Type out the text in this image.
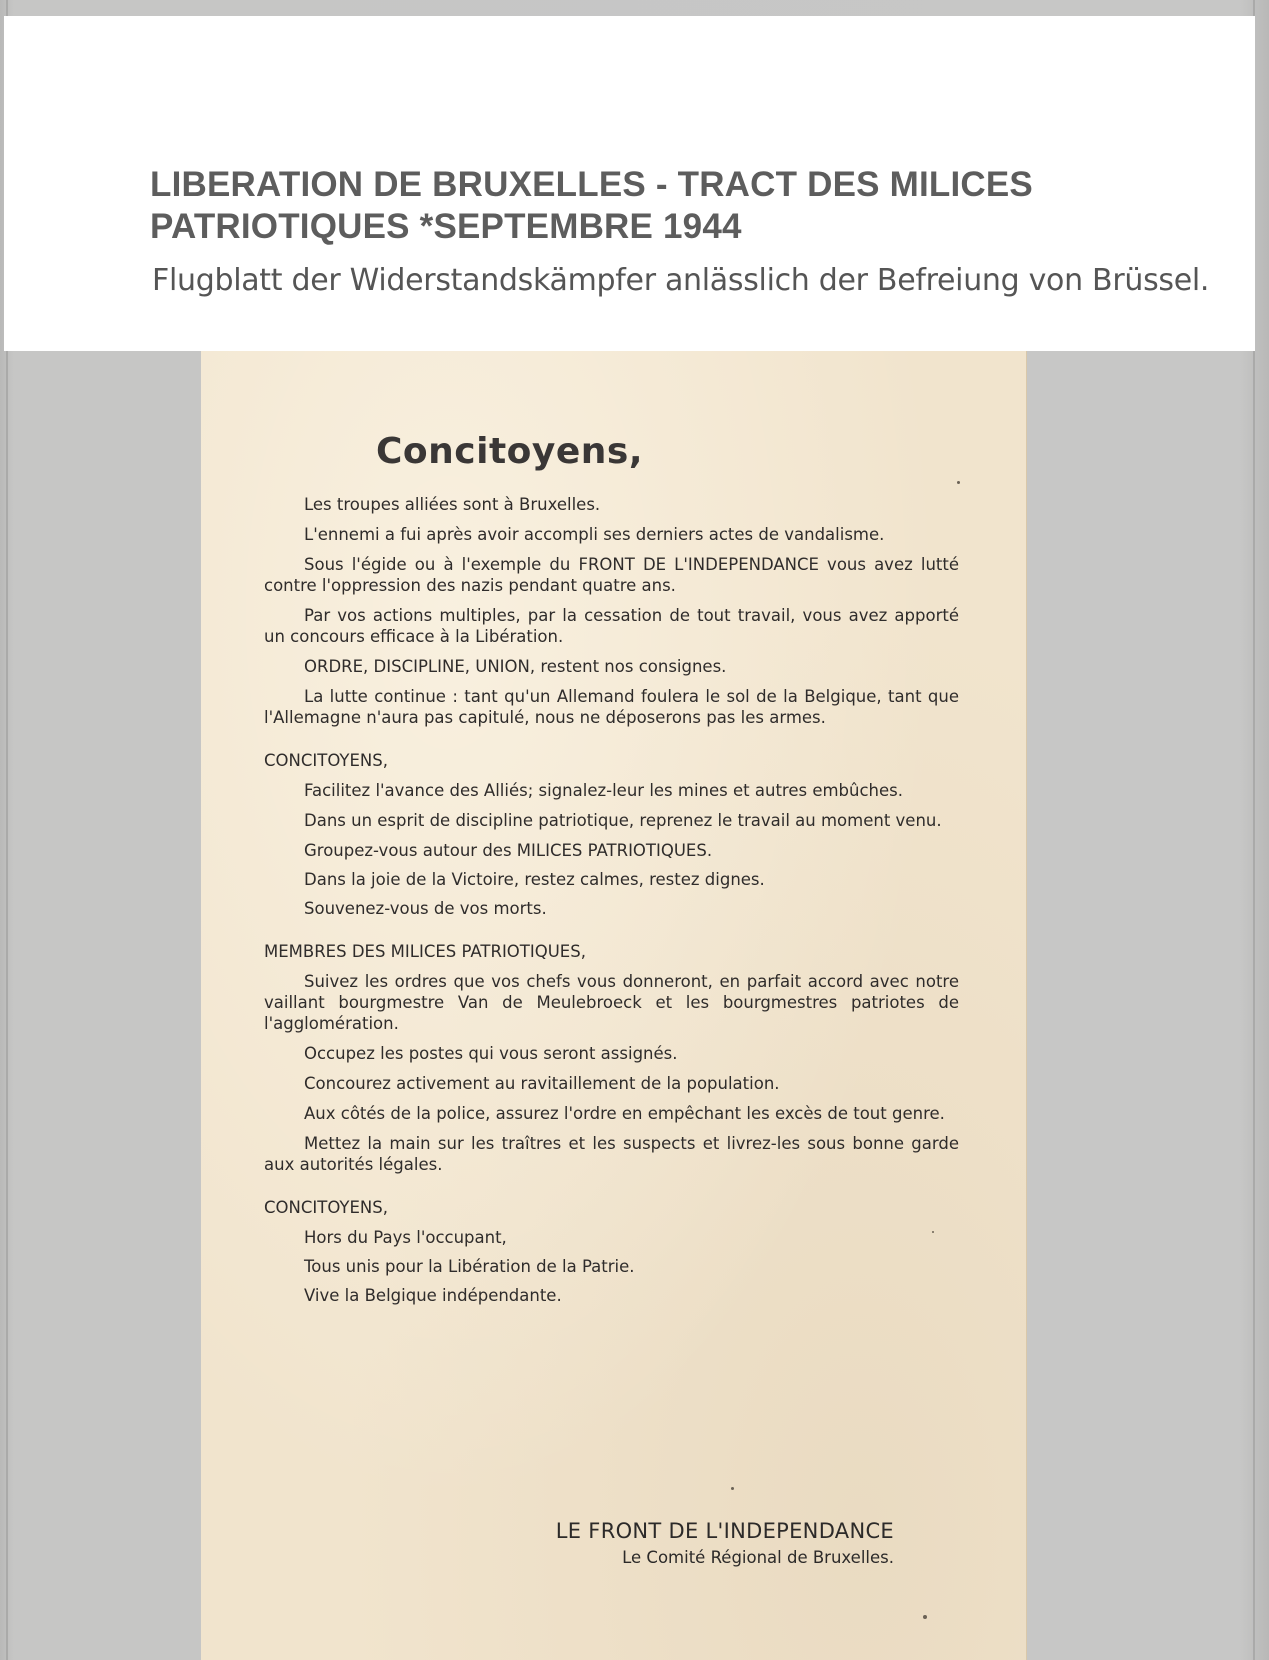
LIBERATION DE BRUXELLES - TRACT DES MILICES
PATRIOTIQUES *SEPTEMBRE 1944

Flugblatt der Widerstandskämpfer anlässlich der Befreiung von Brüssel.

Concitoyens,

Les troupes alliées sont à Bruxelles.

L'ennemi a fui après avoir accompli ses derniers actes de vandalisme.

Sous l'égide ou à l'exemple du FRONT DE L'INDEPENDANCE vous avez lutté contre l'oppression des nazis pendant quatre ans.

Par vos actions multiples, par la cessation de tout travail, vous avez apporté un concours efficace à la Libération.

ORDRE, DISCIPLINE, UNION, restent nos consignes.

La lutte continue : tant qu'un Allemand foulera le sol de la Belgique, tant que l'Allemagne n'aura pas capitulé, nous ne déposerons pas les armes.

CONCITOYENS,

Facilitez l'avance des Alliés; signalez-leur les mines et autres embûches.

Dans un esprit de discipline patriotique, reprenez le travail au moment venu.

Groupez-vous autour des MILICES PATRIOTIQUES.

Dans la joie de la Victoire, restez calmes, restez dignes.

Souvenez-vous de vos morts.

MEMBRES DES MILICES PATRIOTIQUES,

Suivez les ordres que vos chefs vous donneront, en parfait accord avec notre vaillant bourgmestre Van de Meulebroeck et les bourgmestres patriotes de l'agglomération.

Occupez les postes qui vous seront assignés.

Concourez activement au ravitaillement de la population.

Aux côtés de la police, assurez l'ordre en empêchant les excès de tout genre.

Mettez la main sur les traîtres et les suspects et livrez-les sous bonne garde aux autorités légales.

CONCITOYENS,

Hors du Pays l'occupant,

Tous unis pour la Libération de la Patrie.

Vive la Belgique indépendante.

LE FRONT DE L'INDEPENDANCE
Le Comité Régional de Bruxelles.
